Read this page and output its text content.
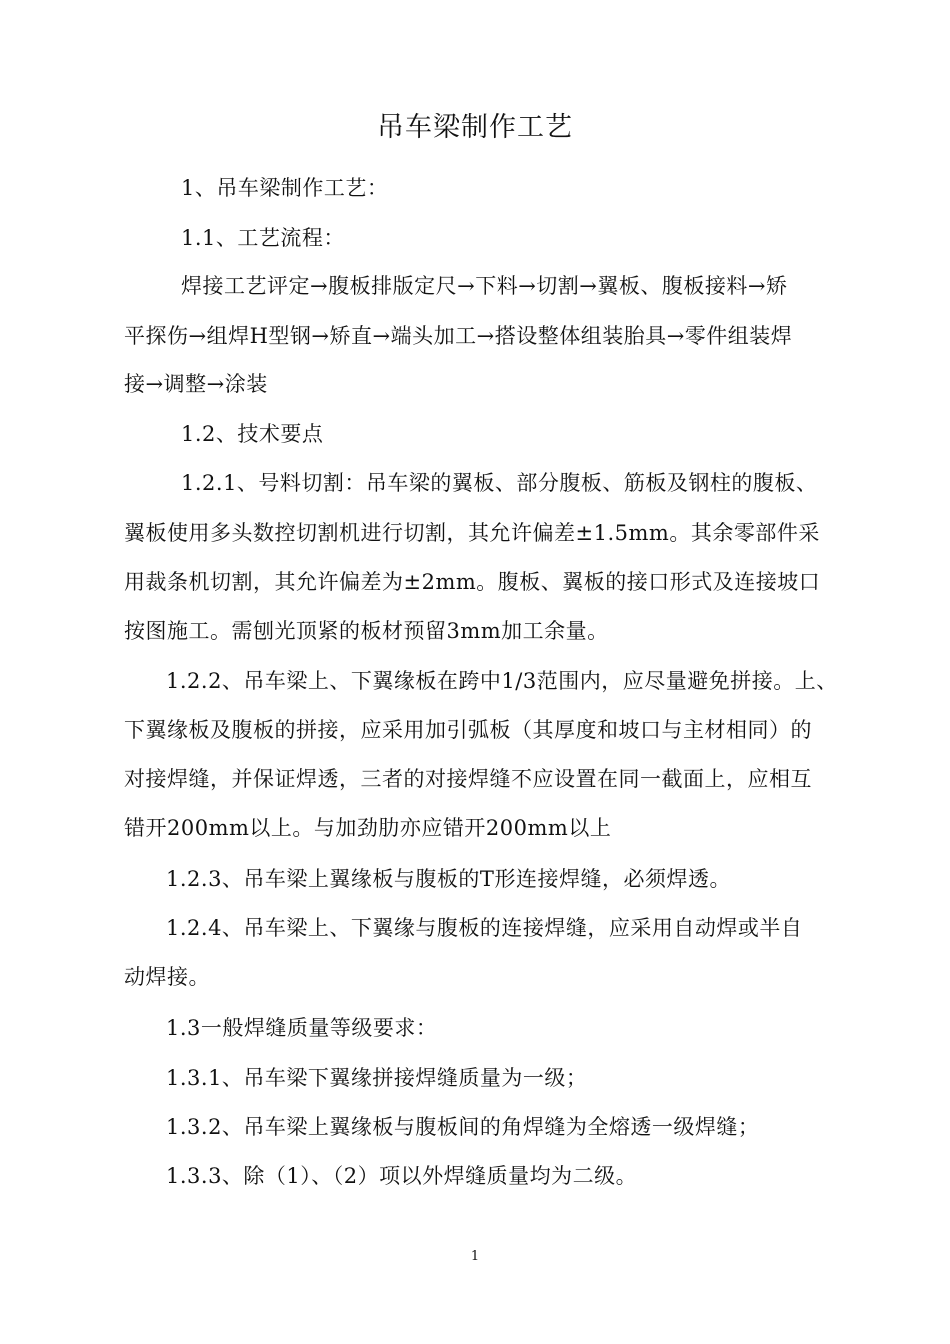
吊车梁制作工艺
1、吊车梁制作工艺：
1.1、工艺流程：
焊接工艺评定→腹板排版定尺→下料→切割→翼板、腹板接料→矫
平探伤→组焊H型钢→矫直→端头加工→搭设整体组装胎具→零件组装焊
接→调整→涂装
1.2、技术要点
1.2.1、号料切割：吊车梁的翼板、部分腹板、筋板及钢柱的腹板、
翼板使用多头数控切割机进行切割，其允许偏差±1.5mm。其余零部件采
用裁条机切割，其允许偏差为±2mm。腹板、翼板的接口形式及连接坡口
按图施工。需刨光顶紧的板材预留3mm加工余量。
1.2.2、吊车梁上、下翼缘板在跨中1/3范围内，应尽量避免拼接。上、
下翼缘板及腹板的拼接，应采用加引弧板（其厚度和坡口与主材相同）的
对接焊缝，并保证焊透，三者的对接焊缝不应设置在同一截面上，应相互
错开200mm以上。与加劲肋亦应错开200mm以上
1.2.3、吊车梁上翼缘板与腹板的T形连接焊缝，必须焊透。
1.2.4、吊车梁上、下翼缘与腹板的连接焊缝，应采用自动焊或半自
动焊接。
1.3一般焊缝质量等级要求：
1.3.1、吊车梁下翼缘拼接焊缝质量为一级；
1.3.2、吊车梁上翼缘板与腹板间的角焊缝为全熔透一级焊缝；
1.3.3、除（1）、（2）项以外焊缝质量均为二级。
1
